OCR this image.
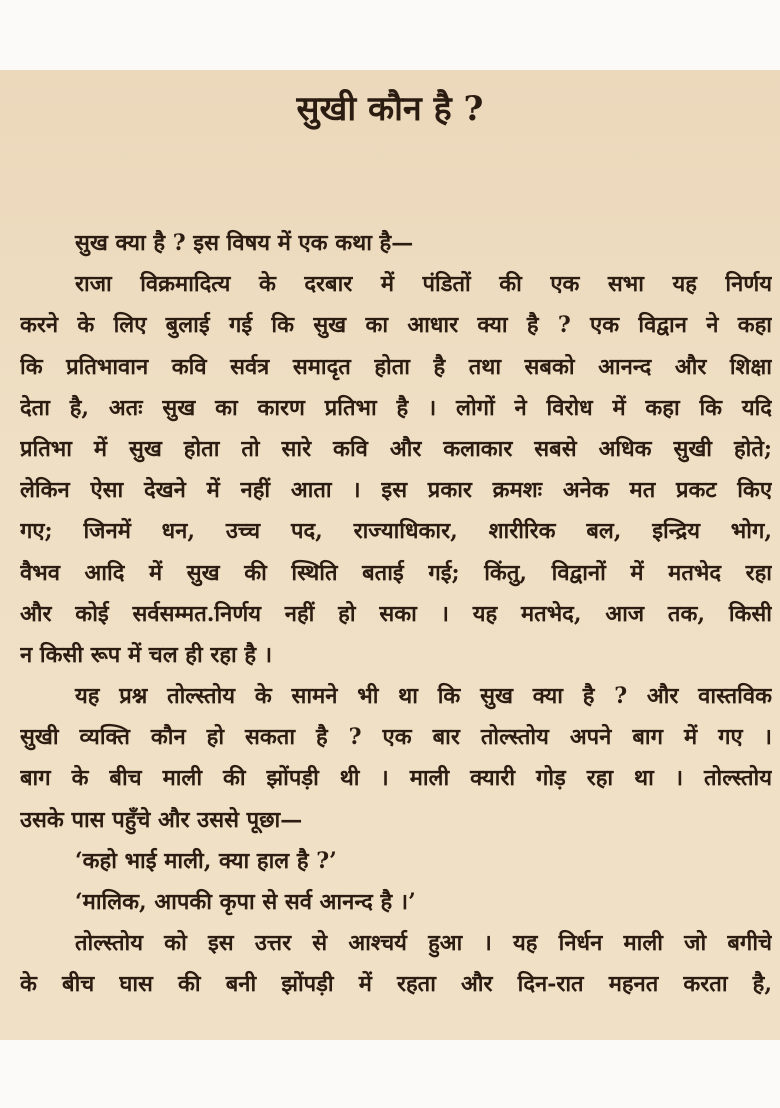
सुखी कौन है ?
सुख क्या है ? इस विषय में एक कथा है—
राजा विक्रमादित्य के दरबार में पंडितों की एक सभा यह निर्णय
करने के लिए बुलाई गई कि सुख का आधार क्या है ? एक विद्वान ने कहा
कि प्रतिभावान कवि सर्वत्र समादृत होता है तथा सबको आनन्द और शिक्षा
देता है, अतः सुख का कारण प्रतिभा है । लोगों ने विरोध में कहा कि यदि
प्रतिभा में सुख होता तो सारे कवि और कलाकार सबसे अधिक सुखी होते;
लेकिन ऐसा देखने में नहीं आता । इस प्रकार क्रमशः अनेक मत प्रकट किए
गए; जिनमें धन, उच्च पद, राज्याधिकार, शारीरिक बल, इन्द्रिय भोग,
वैभव आदि में सुख की स्थिति बताई गई; किंतु, विद्वानों में मतभेद रहा
और कोई सर्वसम्मत.निर्णय नहीं हो सका । यह मतभेद, आज तक, किसी
न किसी रूप में चल ही रहा है ।
यह प्रश्न तोल्स्तोय के सामने भी था कि सुख क्या है ? और वास्तविक
सुखी व्यक्ति कौन हो सकता है ? एक बार तोल्स्तोय अपने बाग में गए ।
बाग के बीच माली की झोंपड़ी थी । माली क्यारी गोड़ रहा था । तोल्स्तोय
उसके पास पहुँचे और उससे पूछा—
‘कहो भाई माली, क्या हाल है ?’
‘मालिक, आपकी कृपा से सर्व आनन्द है ।’
तोल्स्तोय को इस उत्तर से आश्चर्य हुआ । यह निर्धन माली जो बगीचे
के बीच घास की बनी झोंपड़ी में रहता और दिन-रात महनत करता है,
